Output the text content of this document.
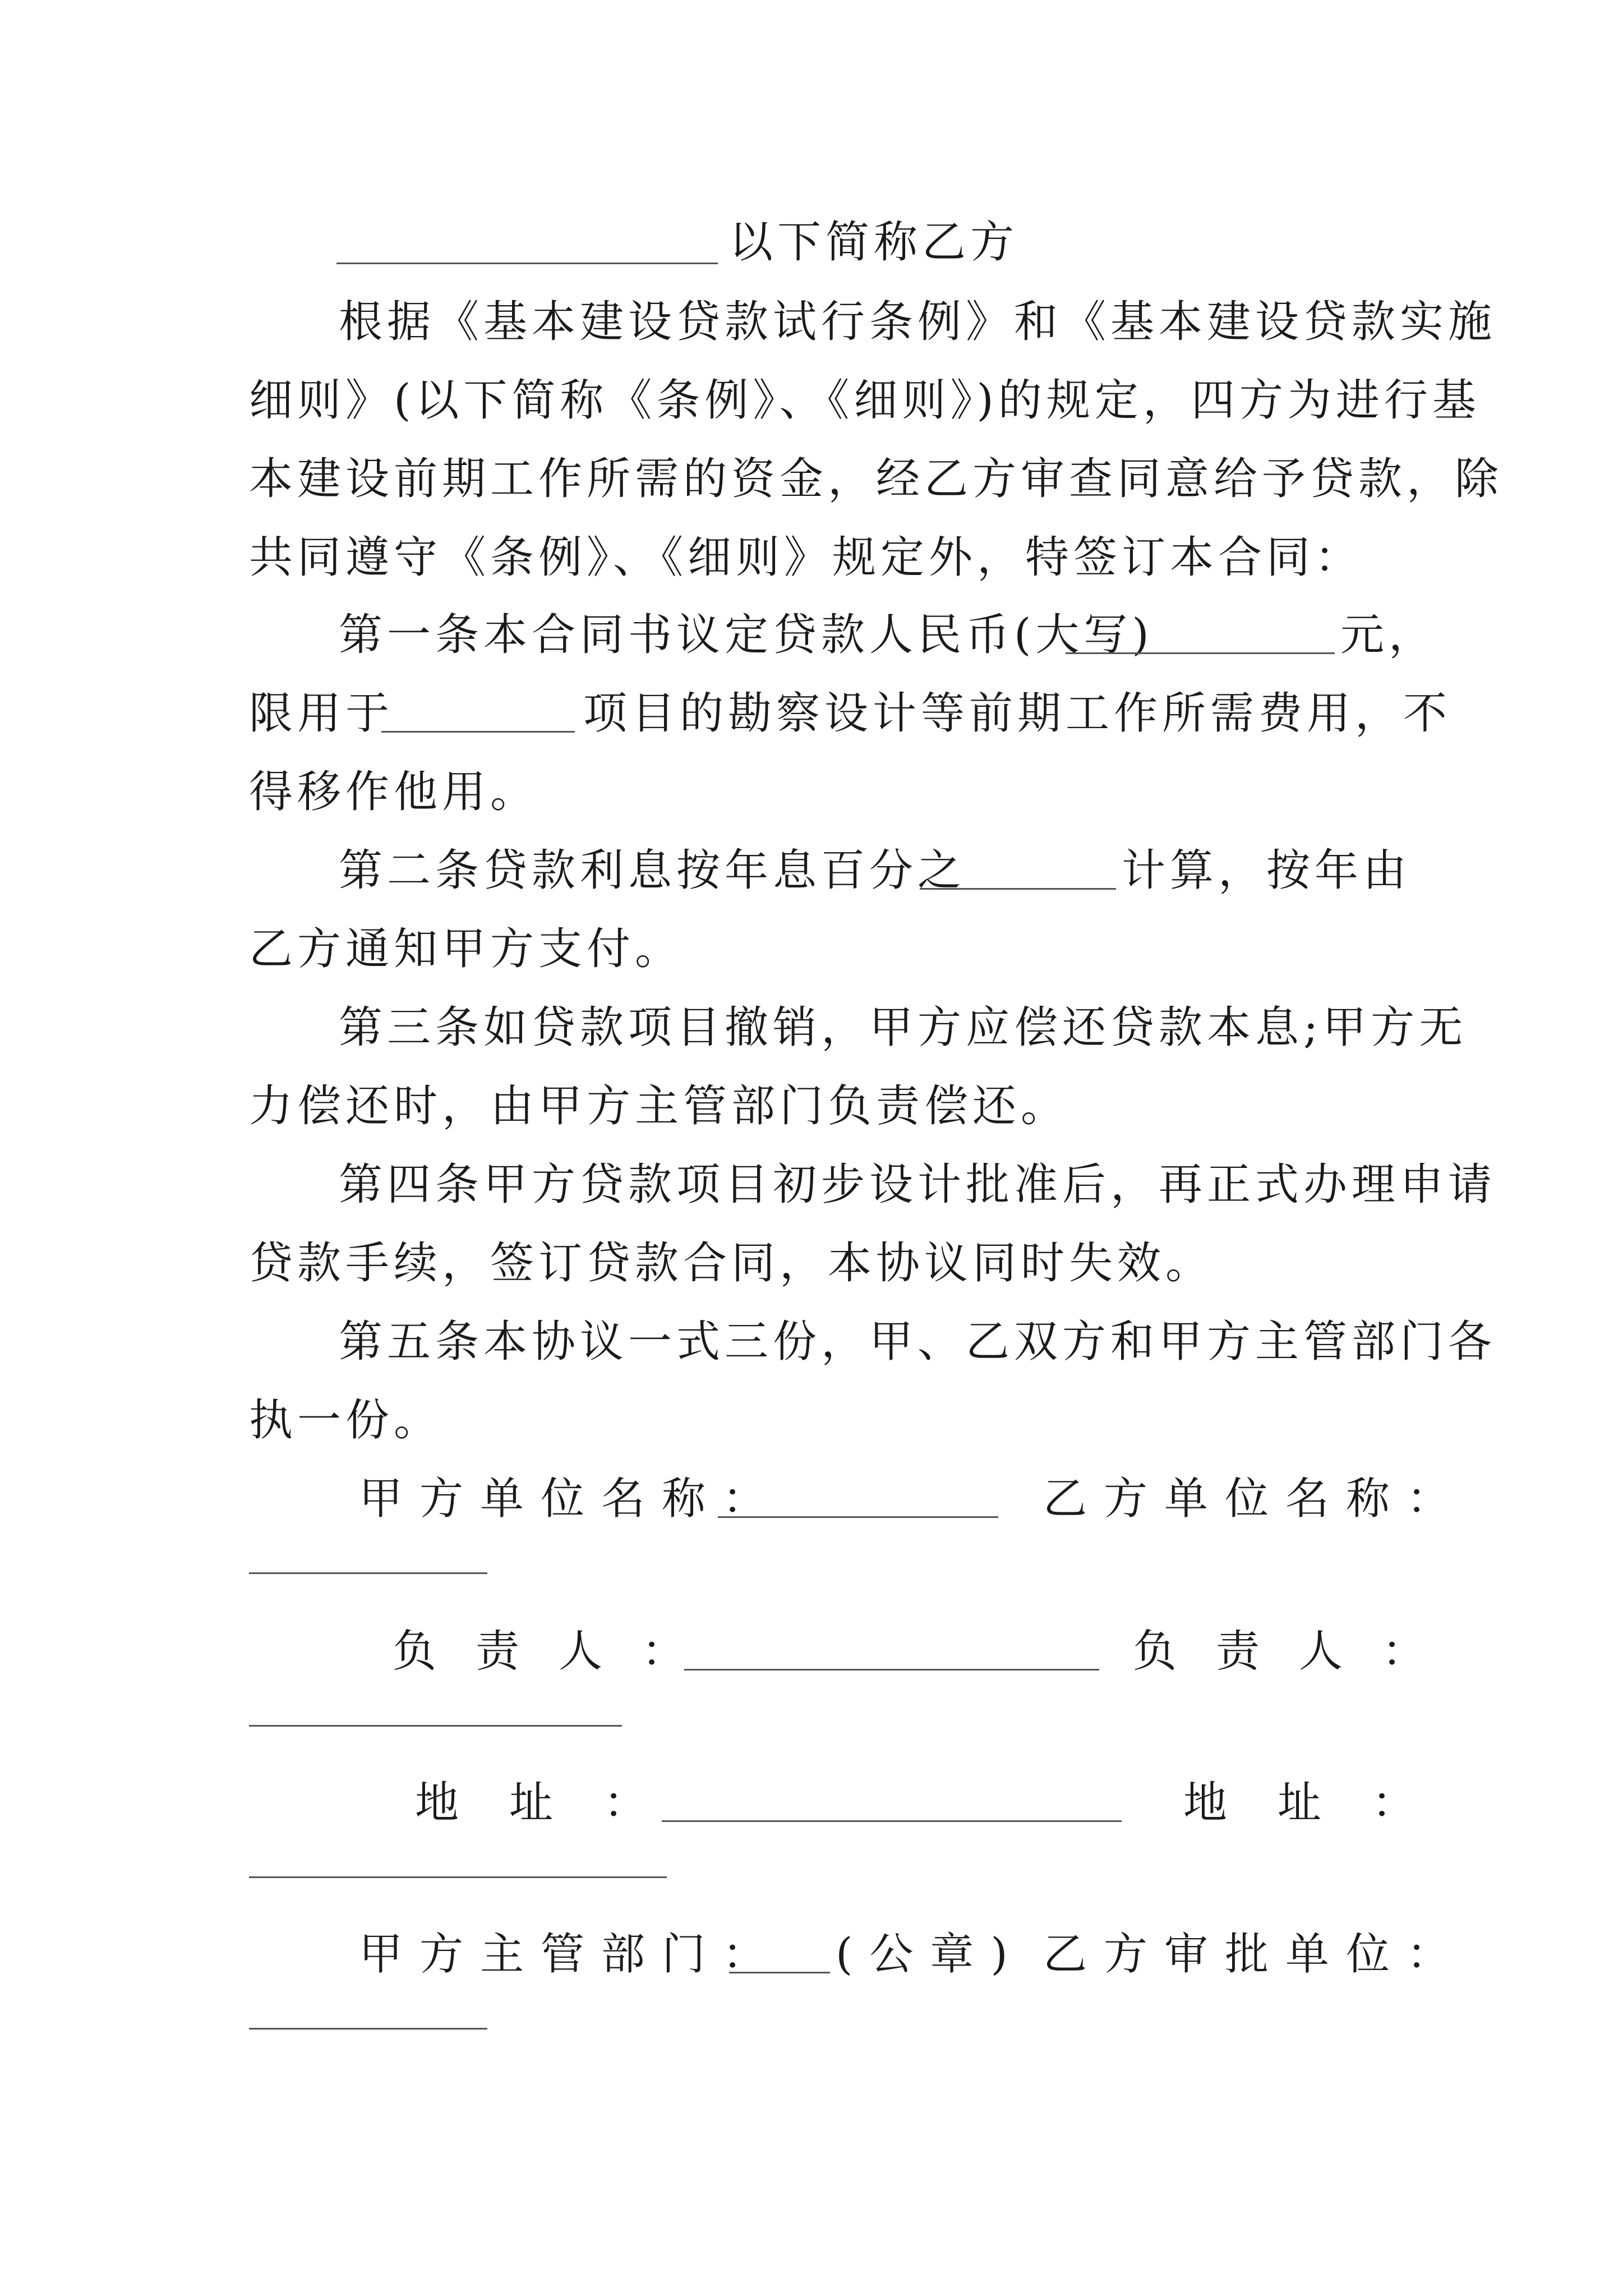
以下简称乙方
根据《基本建设贷款试行条例》和《基本建设贷款实施
细则》(以下简称《条例》、《细则》)的规定，四方为进行基
本建设前期工作所需的资金，经乙方审查同意给予贷款，除
共同遵守《条例》、《细则》规定外，特签订本合同：
第一条本合同书议定贷款人民币(大写)	元，
限用于	项目的勘察设计等前期工作所需费用，不
得移作他用。
第二条贷款利息按年息百分之	计算，按年由
乙方通知甲方支付。
第三条如贷款项目撤销，甲方应偿还贷款本息;甲方无
力偿还时，由甲方主管部门负责偿还。
第四条甲方贷款项目初步设计批准后，再正式办理申请
贷款手续，签订贷款合同，本协议同时失效。
第五条本协议一式三份，甲、乙双方和甲方主管部门各
执一份。
甲方单位名称：	乙方单位名称：
负责人：	负责人：
地址：	地址：
甲方主管部门： (公章) 乙方审批单位：
